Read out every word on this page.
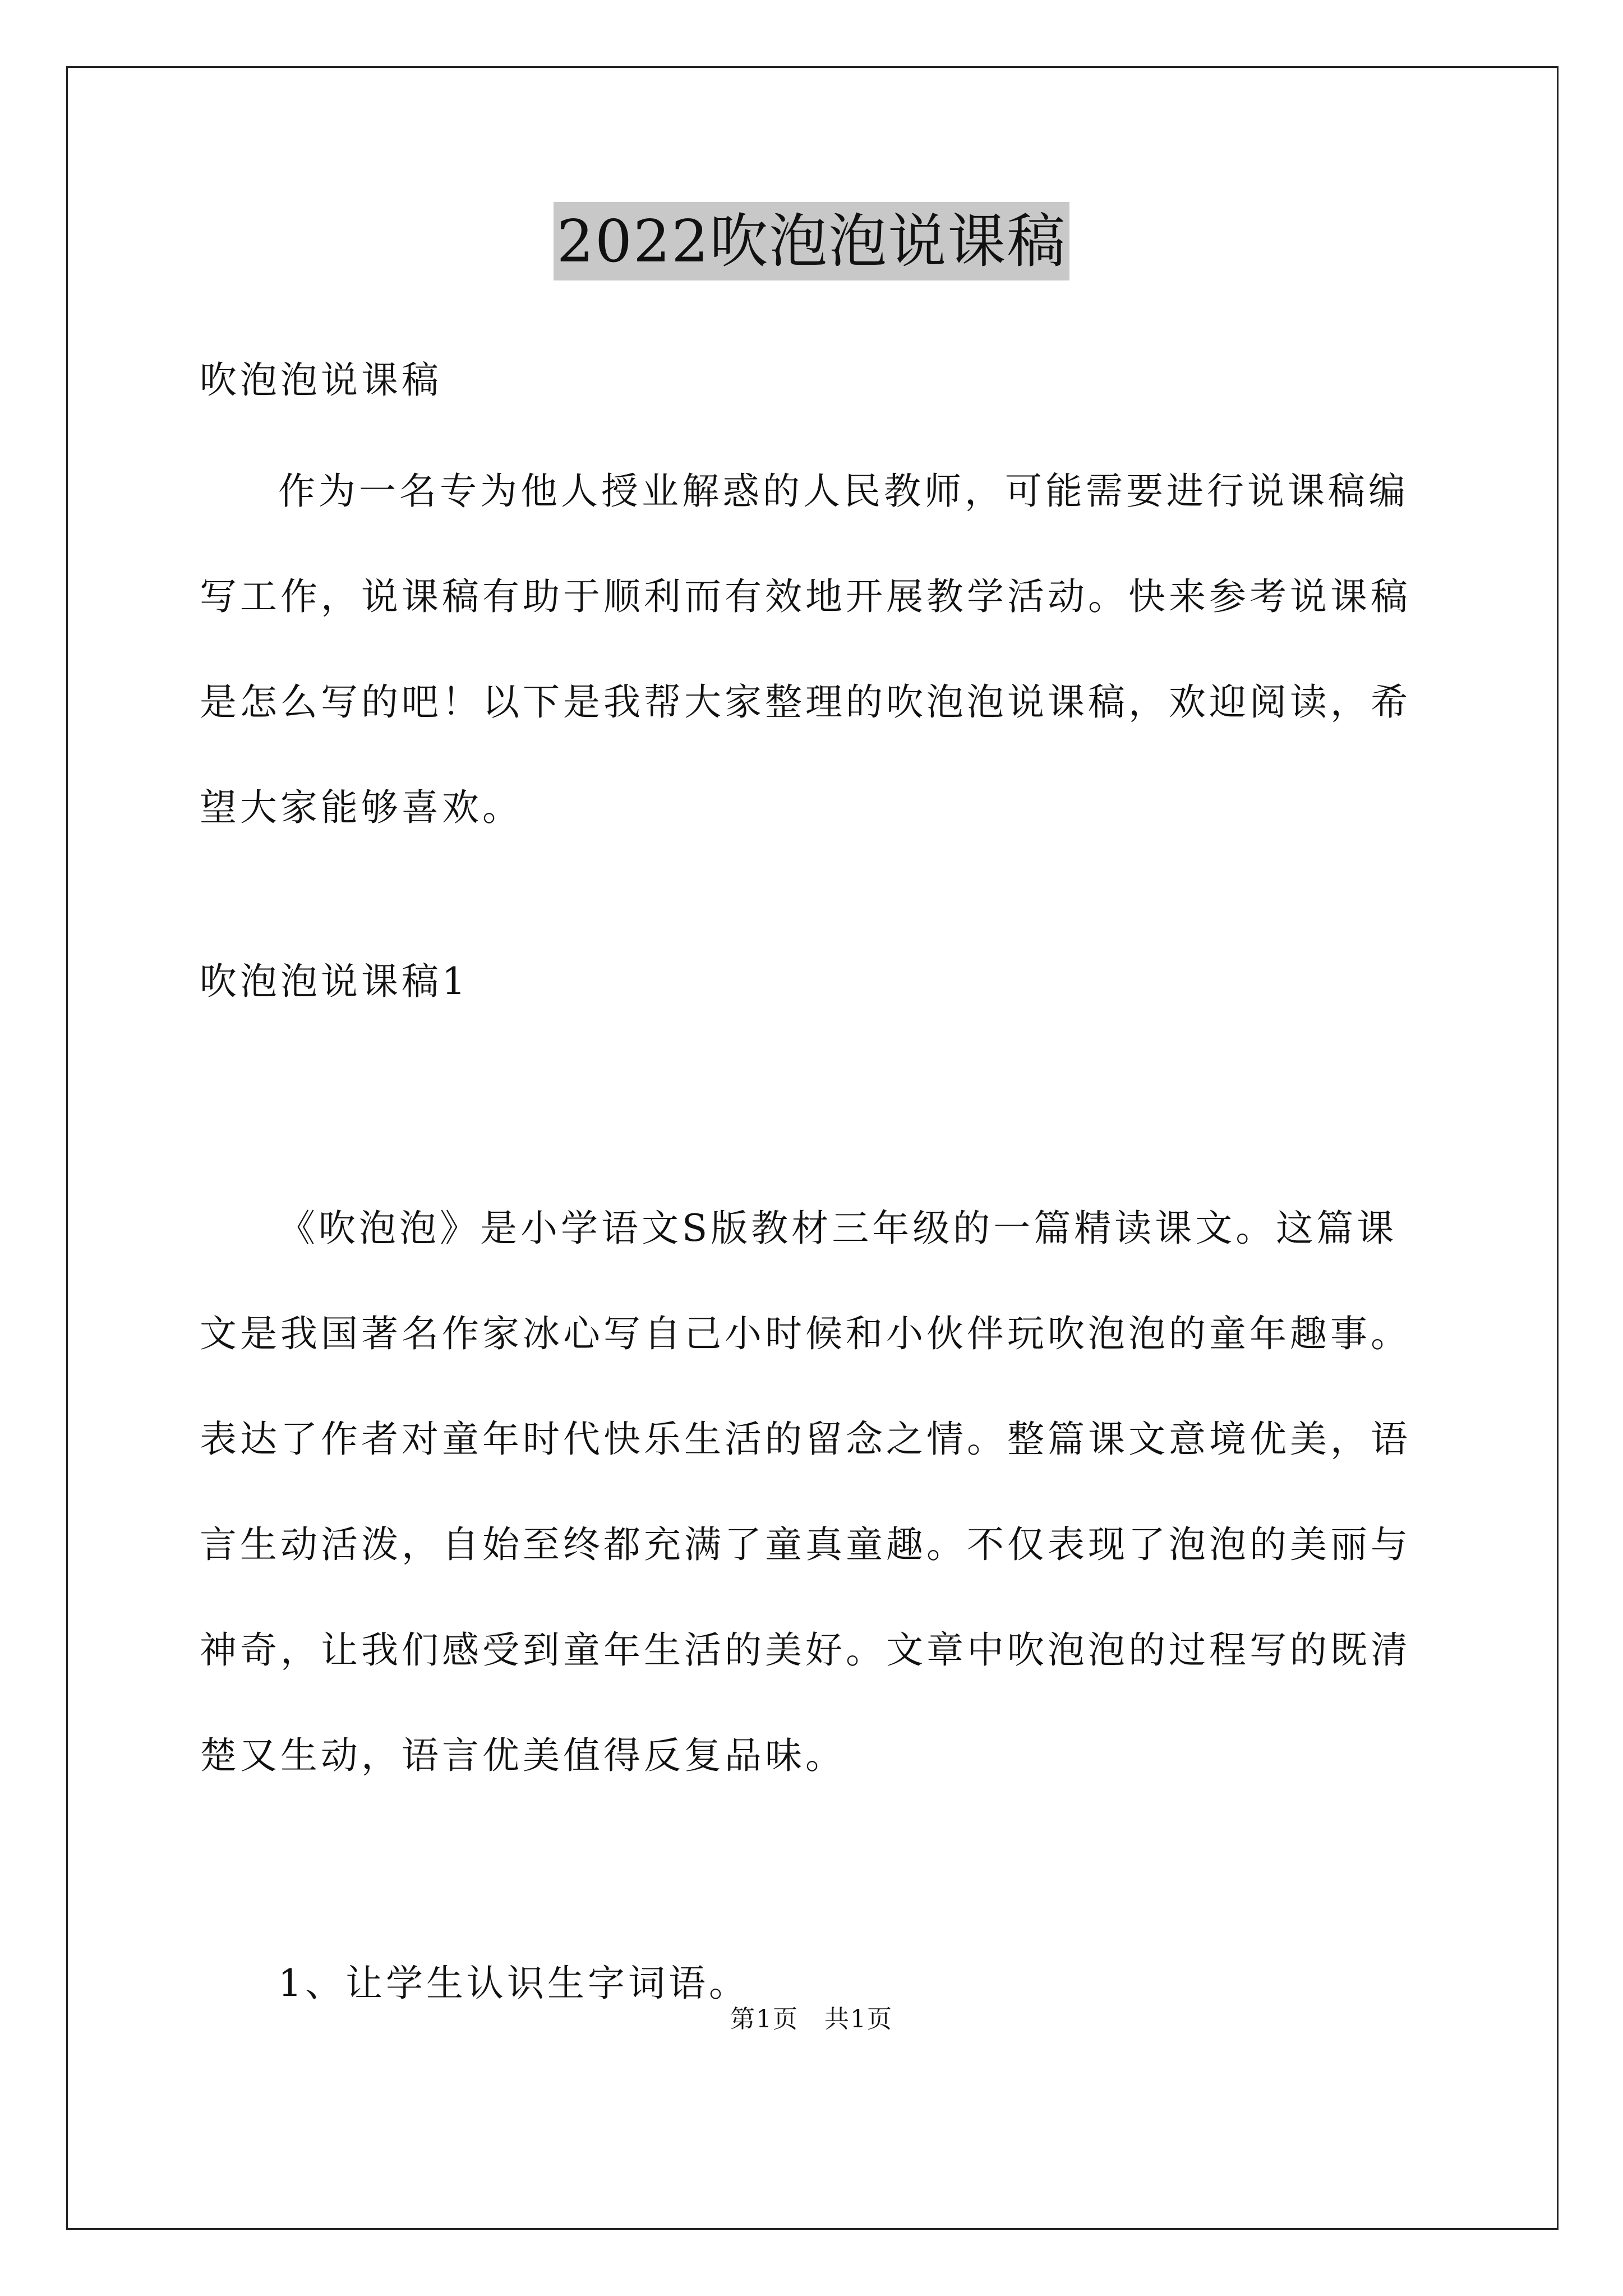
2022吹泡泡说课稿

吹泡泡说课稿

作为一名专为他人授业解惑的人民教师，可能需要进行说课稿编写工作，说课稿有助于顺利而有效地开展教学活动。快来参考说课稿是怎么写的吧！以下是我帮大家整理的吹泡泡说课稿，欢迎阅读，希望大家能够喜欢。

吹泡泡说课稿1

《吹泡泡》是小学语文S版教材三年级的一篇精读课文。这篇课文是我国著名作家冰心写自己小时候和小伙伴玩吹泡泡的童年趣事。表达了作者对童年时代快乐生活的留念之情。整篇课文意境优美，语言生动活泼，自始至终都充满了童真童趣。不仅表现了泡泡的美丽与神奇，让我们感受到童年生活的美好。文章中吹泡泡的过程写的既清楚又生动，语言优美值得反复品味。

1、让学生认识生字词语。

第1页　共1页
